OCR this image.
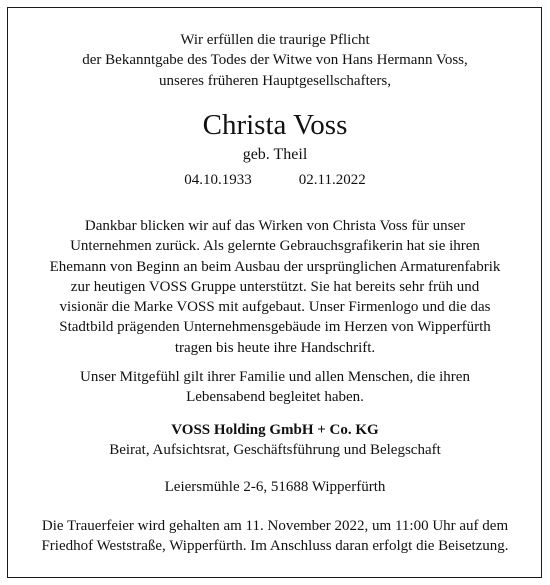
Wir erfüllen die traurige Pflicht
der Bekanntgabe des Todes der Witwe von Hans Hermann Voss,
unseres früheren Hauptgesellschafters,
Christa Voss
geb. Theil
04.10.1933	02.11.2022
Dankbar blicken wir auf das Wirken von Christa Voss für unser
Unternehmen zurück. Als gelernte Gebrauchsgrafikerin hat sie ihren
Ehemann von Beginn an beim Ausbau der ursprünglichen Armaturenfabrik
zur heutigen VOSS Gruppe unterstützt. Sie hat bereits sehr früh und
visionär die Marke VOSS mit aufgebaut. Unser Firmenlogo und die das
Stadtbild prägenden Unternehmensgebäude im Herzen von Wipperfürth
tragen bis heute ihre Handschrift.
Unser Mitgefühl gilt ihrer Familie und allen Menschen, die ihren
Lebensabend begleitet haben.
VOSS Holding GmbH + Co. KG
Beirat, Aufsichtsrat, Geschäftsführung und Belegschaft
Leiersmühle 2-6, 51688 Wipperfürth
Die Trauerfeier wird gehalten am 11. November 2022, um 11:00 Uhr auf dem
Friedhof Weststraße, Wipperfürth. Im Anschluss daran erfolgt die Beisetzung.
